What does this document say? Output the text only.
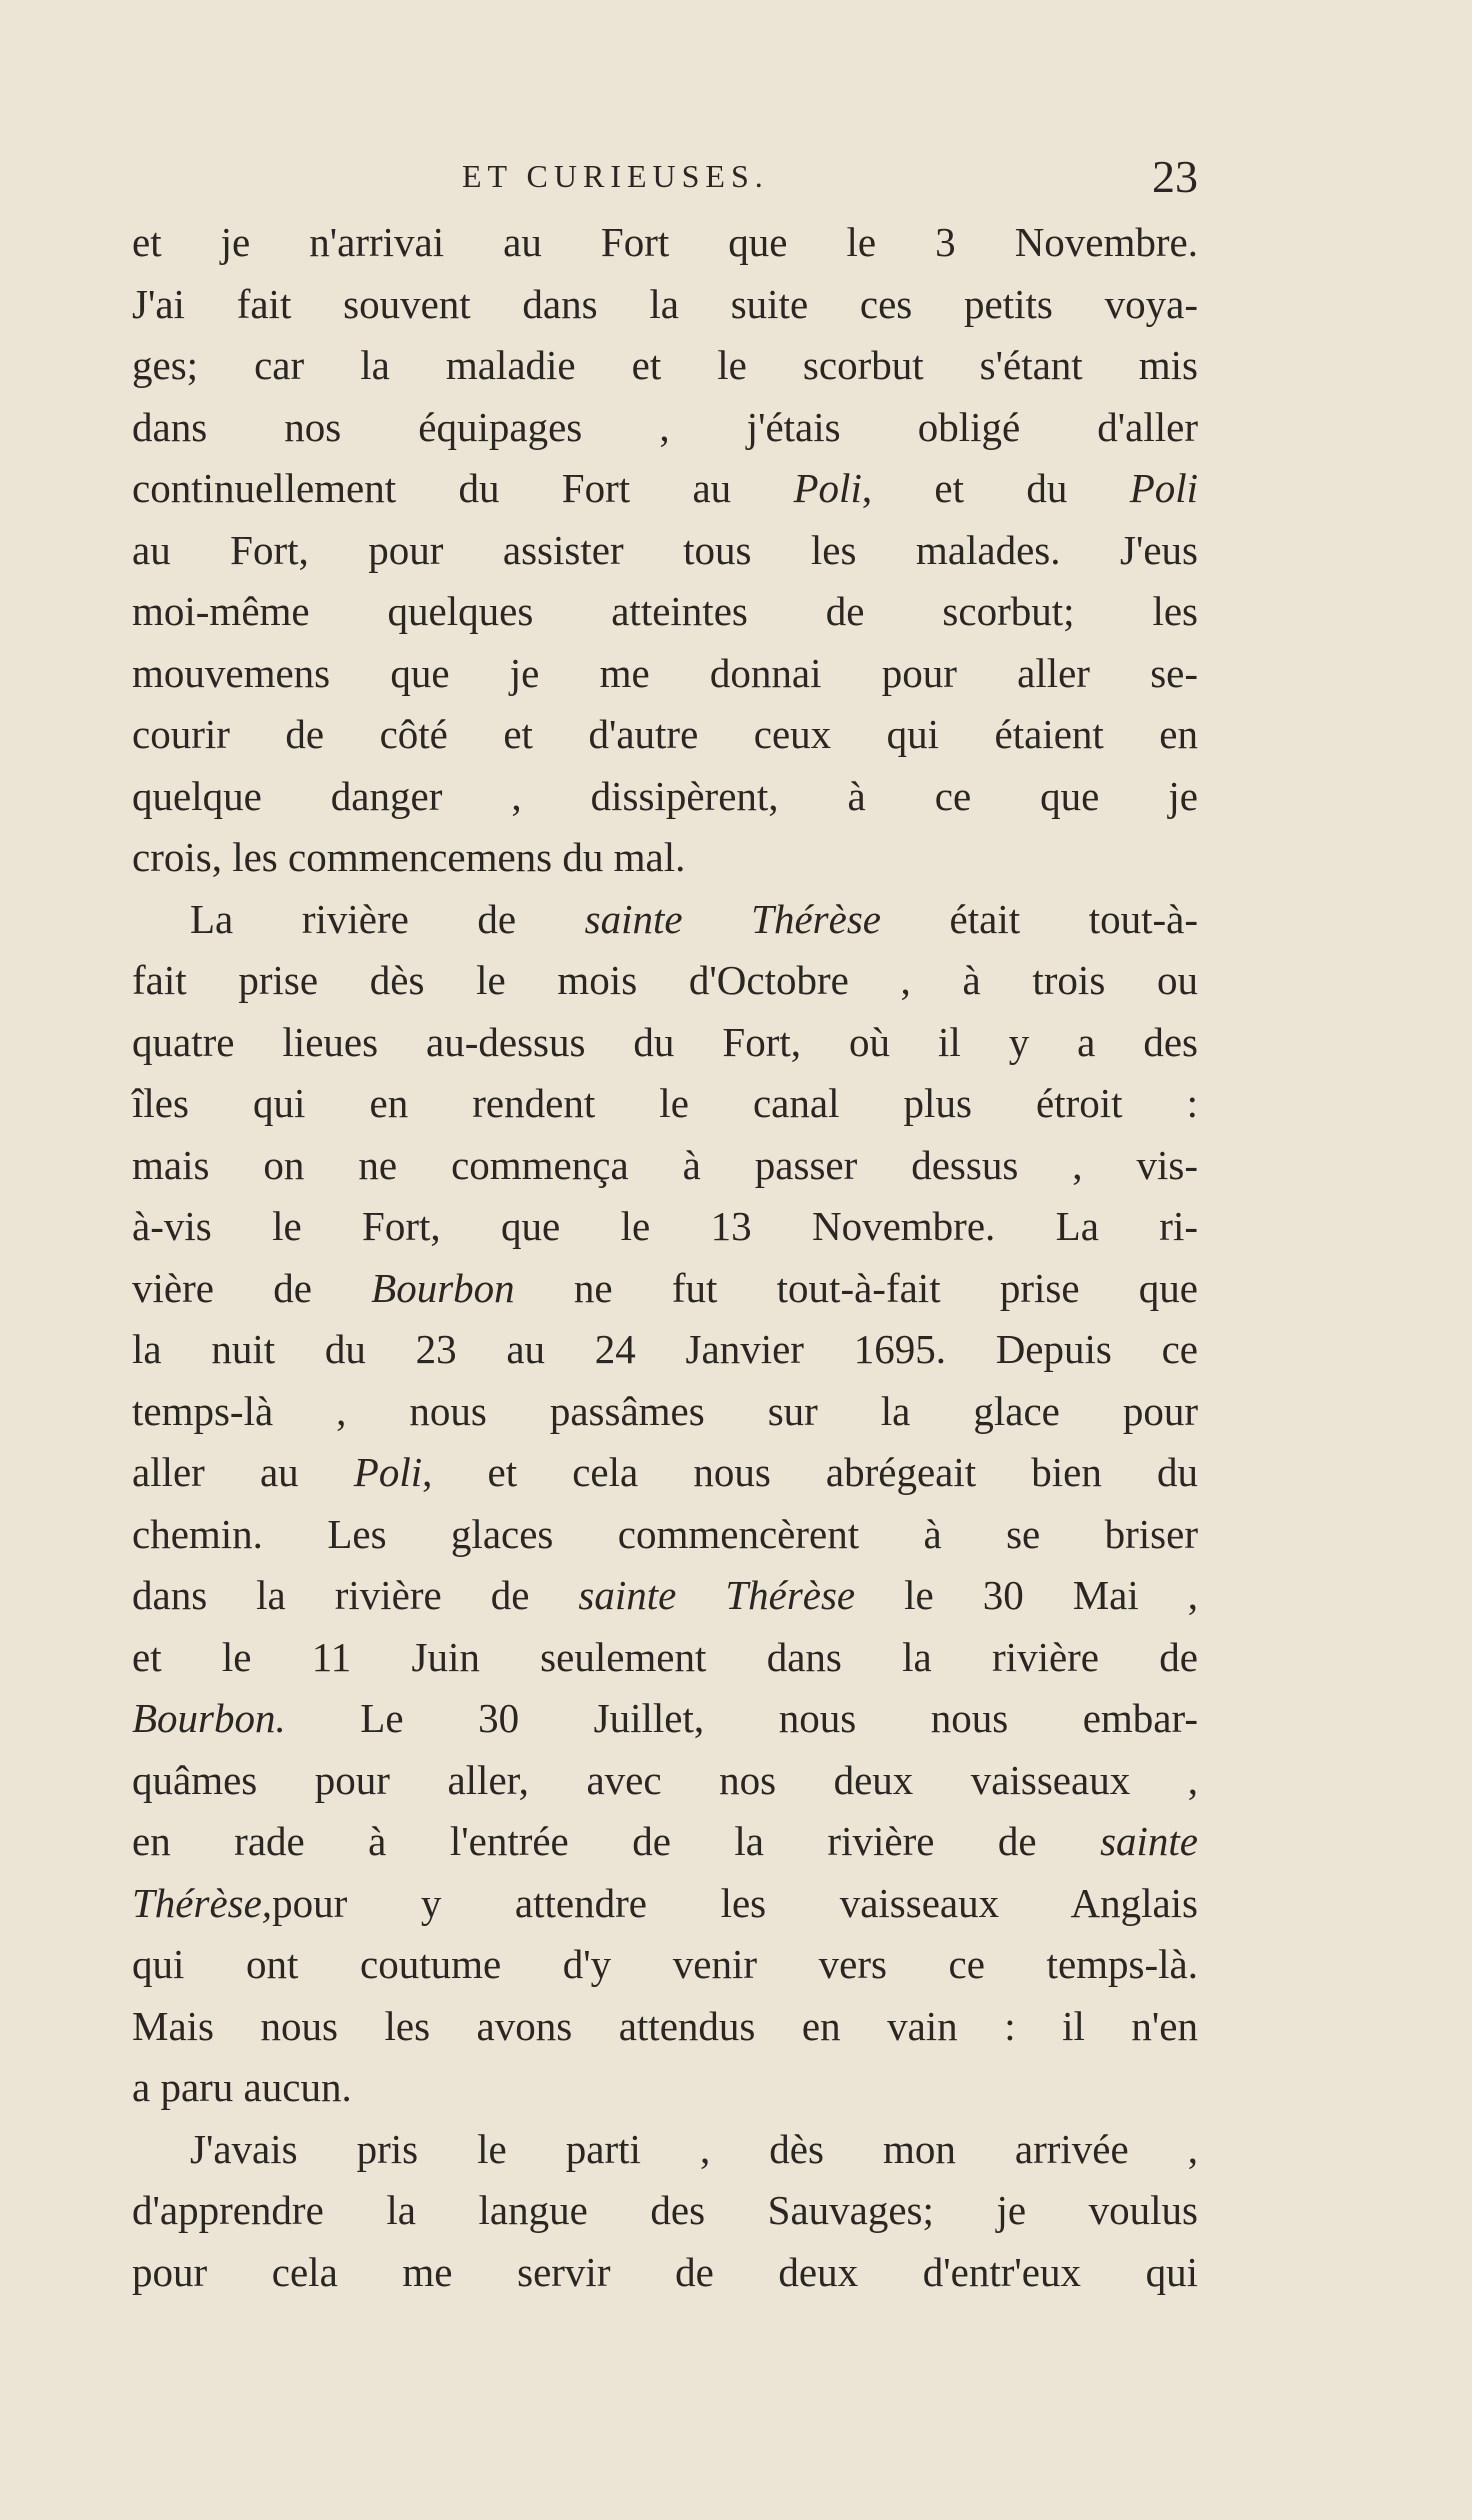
ET CURIEUSES.	23
et je n'arrivai au Fort que le 3 Novembre.
J'ai fait souvent dans la suite ces petits voya-
ges; car la maladie et le scorbut s'étant mis
dans nos équipages , j'étais obligé d'aller
continuellement du Fort au Poli, et du Poli
au Fort, pour assister tous les malades. J'eus
moi-même quelques atteintes de scorbut; les
mouvemens que je me donnai pour aller se-
courir de côté et d'autre ceux qui étaient en
quelque danger , dissipèrent, à ce que je
crois, les commencemens du mal.
La rivière de sainte Thérèse était tout-à-
fait prise dès le mois d'Octobre , à trois ou
quatre lieues au-dessus du Fort, où il y a des
îles qui en rendent le canal plus étroit :
mais on ne commença à passer dessus , vis-
à-vis le Fort, que le 13 Novembre. La ri-
vière de Bourbon ne fut tout-à-fait prise que
la nuit du 23 au 24 Janvier 1695. Depuis ce
temps-là , nous passâmes sur la glace pour
aller au Poli, et cela nous abrégeait bien du
chemin. Les glaces commencèrent à se briser
dans la rivière de sainte Thérèse le 30 Mai ,
et le 11 Juin seulement dans la rivière de
Bourbon. Le 30 Juillet, nous nous embar-
quâmes pour aller, avec nos deux vaisseaux ,
en rade à l'entrée de la rivière de sainte
Thérèse,pour y attendre les vaisseaux Anglais
qui ont coutume d'y venir vers ce temps-là.
Mais nous les avons attendus en vain : il n'en
a paru aucun.
J'avais pris le parti , dès mon arrivée ,
d'apprendre la langue des Sauvages; je voulus
pour cela me servir de deux d'entr'eux qui
